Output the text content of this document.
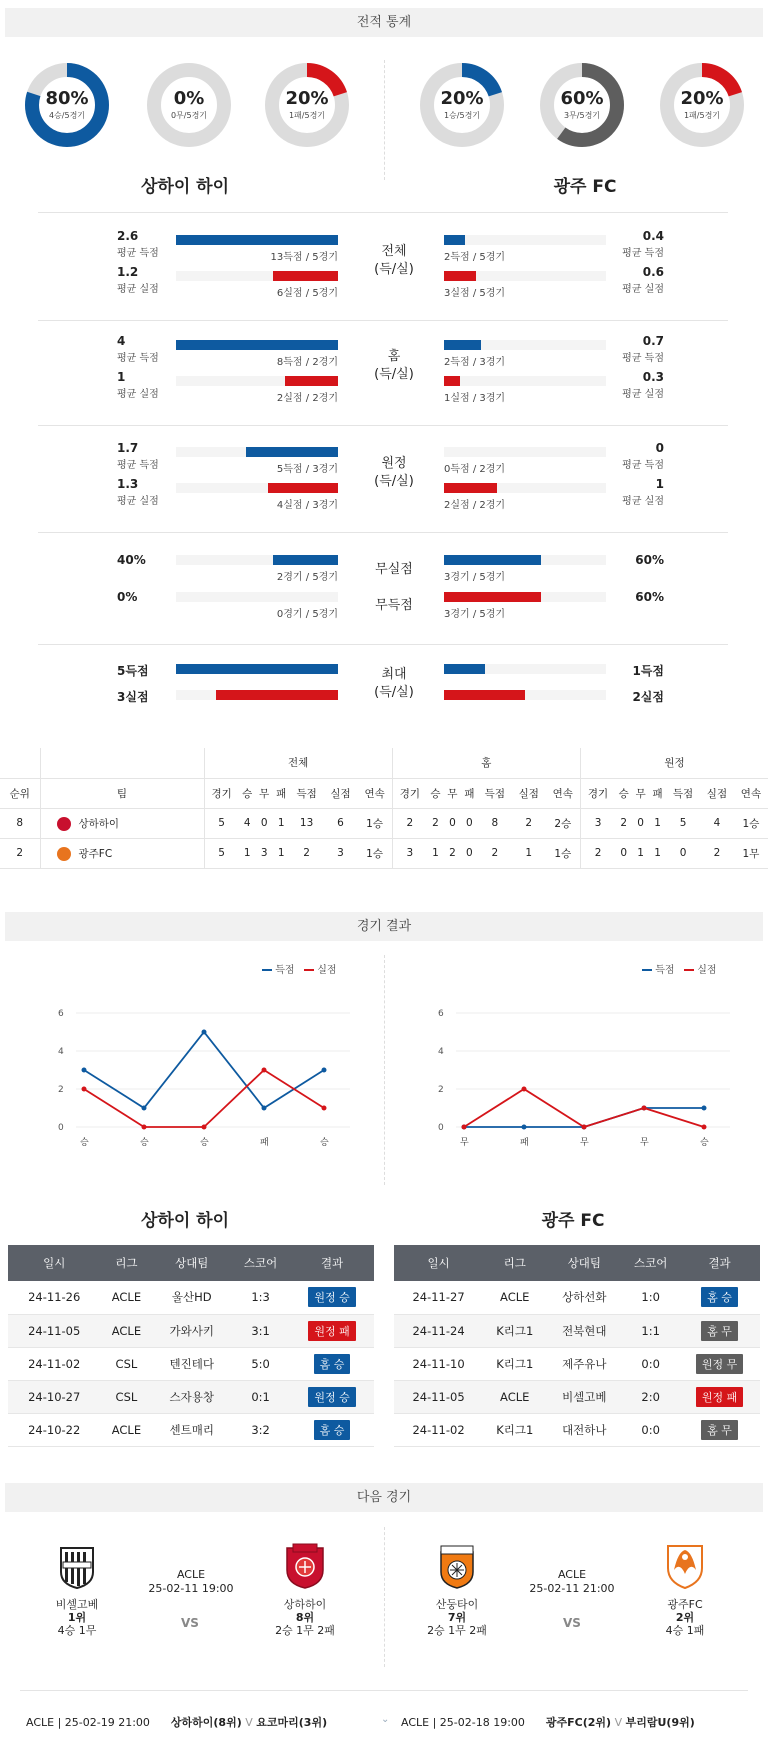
전적 통계
80%
4승/5경기
0%
0무/5경기
20%
1패/5경기
20%
1승/5경기
60%
3무/5경기
20%
1패/5경기
상하이 하이	광주 FC
2.6
평균 득점	13득점 / 5경기
1.2
평균 실점	6실점 / 5경기
0.4
평균 득점
2득점 / 5경기
0.6
평균 실점
3실점 / 5경기
전체
(득/실)
4
평균 득점	8득점 / 2경기
1
평균 실점	2실점 / 2경기
0.7
평균 득점
2득점 / 3경기
0.3
평균 실점
1실점 / 3경기
홈
(득/실)
1.7
평균 득점	5득점 / 3경기
1.3
평균 실점	4실점 / 3경기
0
평균 득점
0득점 / 2경기
1
평균 실점
2실점 / 2경기
원정
(득/실)
40%	60%
2경기 / 5경기	3경기 / 5경기
0%	60%
0경기 / 5경기	3경기 / 5경기
무실점
무득점
5득점	1득점
3실점	2실점
최대
(득/실)
		전체							홈							원정						
순위	팀	경기	승	무	패	득점	실점	연속	경기	승	무	패	득점	실점	연속	경기	승	무	패	득점	실점	연속
8	상하하이	5	4	0	1	13	6	1승	2	2	0	0	8	2	2승	3	2	0	1	5	4	1승
2	광주FC	5	1	3	1	2	3	1승	3	1	2	0	2	1	1승	2	0	1	1	0	2	1무
경기 결과
득점 실점
0
2
4
6
승	승	승	패	승
득점 실점
0
2
4
6
무	패	무	무	승
상하이 하이	광주 FC
일시	리그	상대팀	스코어	결과
24-11-26	ACLE	울산HD	1:3	원정 승
24-11-05	ACLE	가와사키	3:1	원정 패
24-11-02	CSL	텐진테다	5:0	홈 승
24-10-27	CSL	스자용창	0:1	원정 승
24-10-22	ACLE	센트매리	3:2	홈 승
일시	리그	상대팀	스코어	결과
24-11-27	ACLE	상하선화	1:0	홈 승
24-11-24	K리그1	전북현대	1:1	홈 무
24-11-10	K리그1	제주유나	0:0	원정 무
24-11-05	ACLE	비셀고베	2:0	원정 패
24-11-02	K리그1	대전하나	0:0	홈 무
다음 경기
비셀고베
1위
4승 1무
ACLE
25-02-11 19:00
VS
상하하이
8위
2승 1무 2패
산둥타이
7위
2승 1무 2패
ACLE
25-02-11 21:00
VS
광주FC
2위
4승 1패
ACLE | 25-02-19 21:00 상하하이(8위) V 요코마리(3위)	⌄ ACLE | 25-02-18 19:00 광주FC(2위) V 부리람U(9위)
